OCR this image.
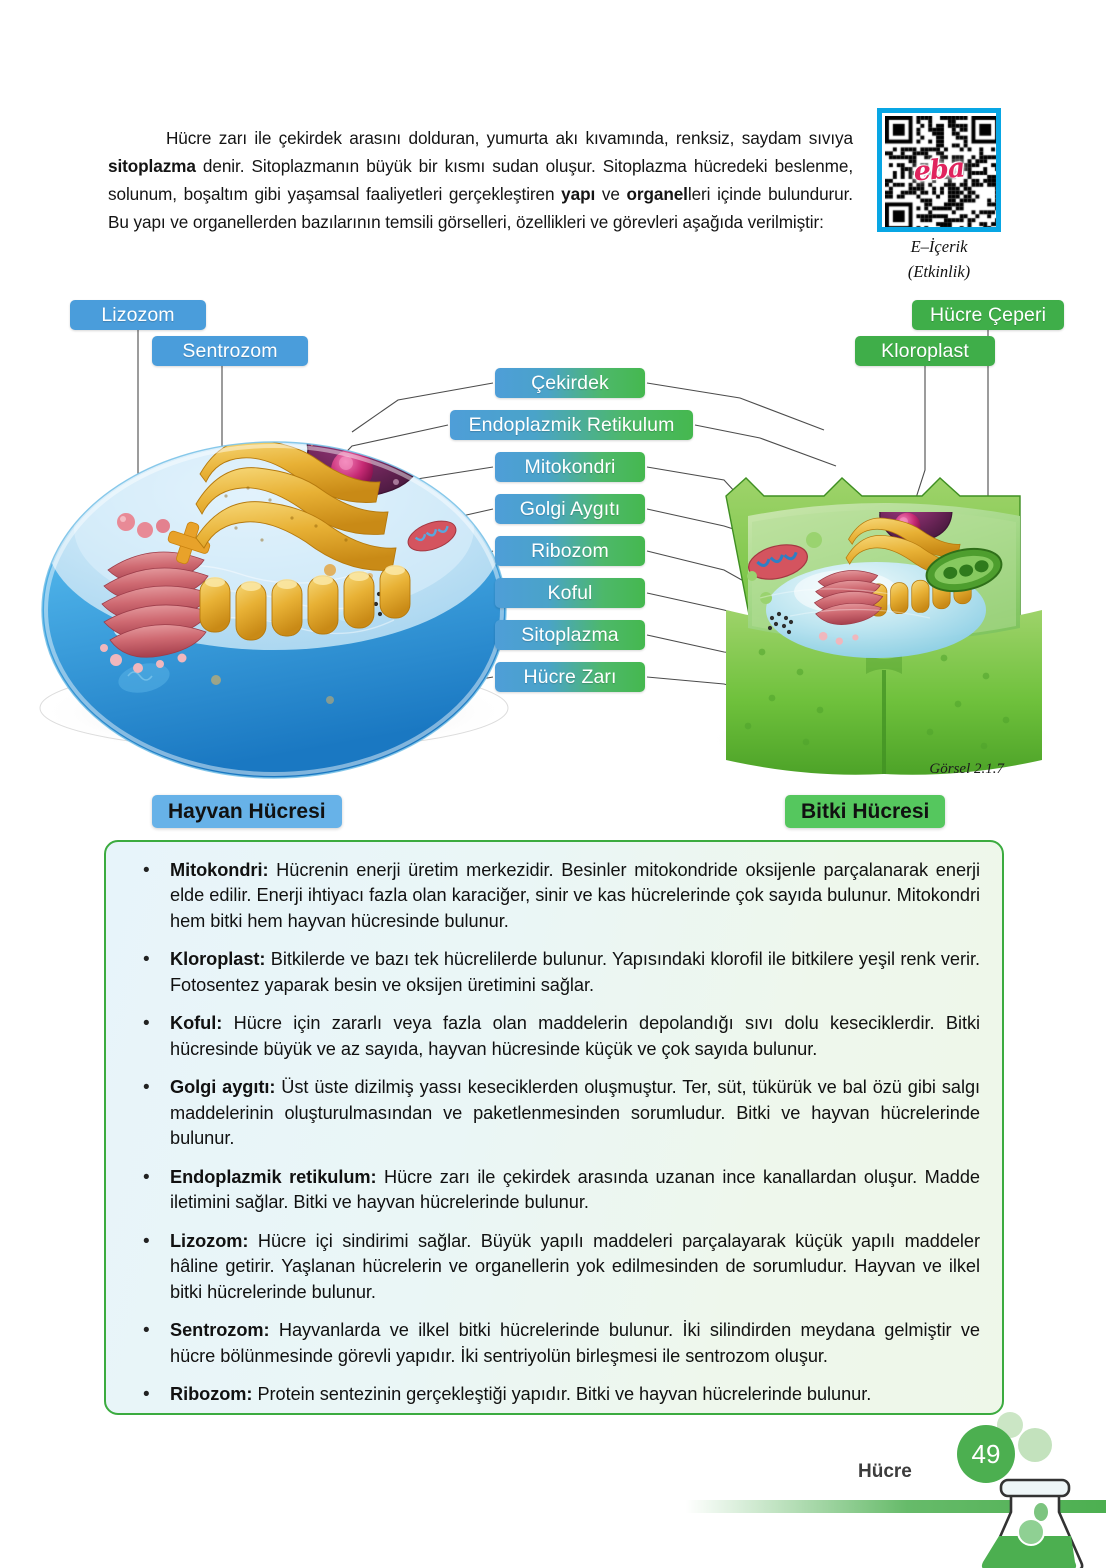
Hücre zarı ile çekirdek arasını dolduran, yumurta akı kıvamında, renksiz, saydam sıvıya sitoplazma denir. Sitoplazmanın büyük bir kısmı sudan oluşur. Sitoplazma hücredeki beslenme, solunum, boşaltım gibi yaşamsal faaliyetleri gerçekleştiren yapı ve organelleri içinde bulundurur. Bu yapı ve organellerden bazılarının temsili görselleri, özellikleri ve görevleri aşağıda verilmiştir:

eba
E–İçerik
(Etkinlik)
Lizozom
Sentrozom
Çekirdek
Endoplazmik Retikulum
Mitokondri
Golgi Aygıtı
Ribozom
Koful
Sitoplazma
Hücre Zarı
Hücre Çeperi
Kloroplast
Görsel 2.1.7
Hayvan Hücresi	Bitki Hücresi
•	Mitokondri: Hücrenin enerji üretim merkezidir. Besinler mitokondride oksijenle parçalanarak enerji elde edilir. Enerji ihtiyacı fazla olan karaciğer, sinir ve kas hücrelerinde çok sayıda bulunur. Mitokondri hem bitki hem hayvan hücresinde bulunur.
•	Kloroplast: Bitkilerde ve bazı tek hücrelilerde bulunur. Yapısındaki klorofil ile bitkilere yeşil renk verir. Fotosentez yaparak besin ve oksijen üretimini sağlar.
•	Koful: Hücre için zararlı veya fazla olan maddelerin depolandığı sıvı dolu keseciklerdir. Bitki hücresinde büyük ve az sayıda, hayvan hücresinde küçük ve çok sayıda bulunur.
•	Golgi aygıtı: Üst üste dizilmiş yassı keseciklerden oluşmuştur. Ter, süt, tükürük ve bal özü gibi salgı maddelerinin oluşturulmasından ve paketlenmesinden sorumludur. Bitki ve hayvan hücrelerinde bulunur.
•	Endoplazmik retikulum: Hücre zarı ile çekirdek arasında uzanan ince kanallardan oluşur. Madde iletimini sağlar. Bitki ve hayvan hücrelerinde bulunur.
•	Lizozom: Hücre içi sindirimi sağlar. Büyük yapılı maddeleri parçalayarak küçük yapılı maddeler hâline getirir. Yaşlanan hücrelerin ve organellerin yok edilmesinden de sorumludur. Hayvan ve ilkel bitki hücrelerinde bulunur.
•	Sentrozom: Hayvanlarda ve ilkel bitki hücrelerinde bulunur. İki silindirden meydana gelmiştir ve hücre bölünmesinde görevli yapıdır. İki sentriyolün birleşmesi ile sentrozom oluşur.
•	Ribozom: Protein sentezinin gerçekleştiği yapıdır. Bitki ve hayvan hücrelerinde bulunur.
Hücre
49
